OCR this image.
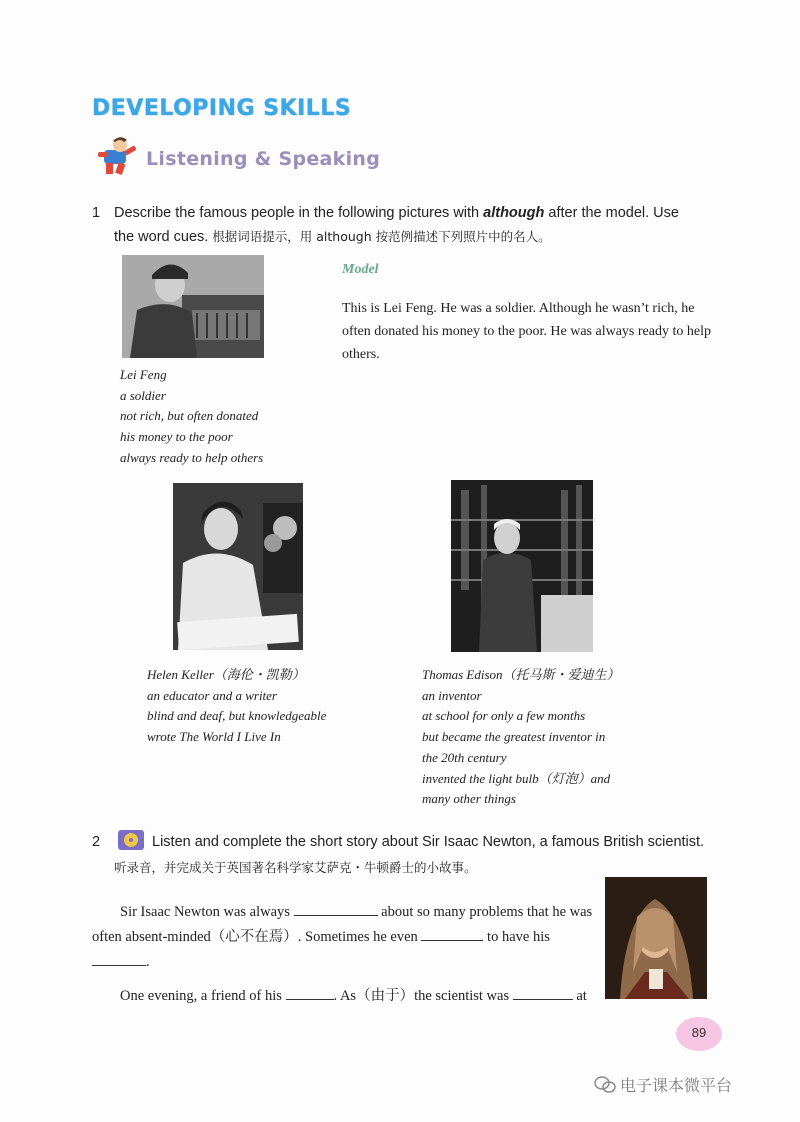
DEVELOPING SKILLS
Listening & Speaking
1 Describe the famous people in the following pictures with although after the model. Use
the word cues. 根据词语提示，用 although 按范例描述下列照片中的名人。
Model
This is Lei Feng. He was a soldier. Although he wasn’t rich, he often donated his money to the poor. He was always ready to help others.
Lei Feng
a soldier
not rich, but often donated
his money to the poor
always ready to help others
Helen Keller（海伦・凯勒）
an educator and a writer
blind and deaf, but knowledgeable
wrote The World I Live In
Thomas Edison（托马斯・爱迪生）
an inventor
at school for only a few months
but became the greatest inventor in
the 20th century
invented the light bulb（灯泡）and
many other things
2	Listen and complete the short story about Sir Isaac Newton, a famous British scientist.
听录音，并完成关于英国著名科学家艾萨克・牛顿爵士的小故事。

Sir Isaac Newton was always	about so many problems that he was often absent-minded（心不在焉）. Sometimes he even	to have his .

One evening, a friend of his	. As（由于）the scientist was	at

89
电子课本微平台
